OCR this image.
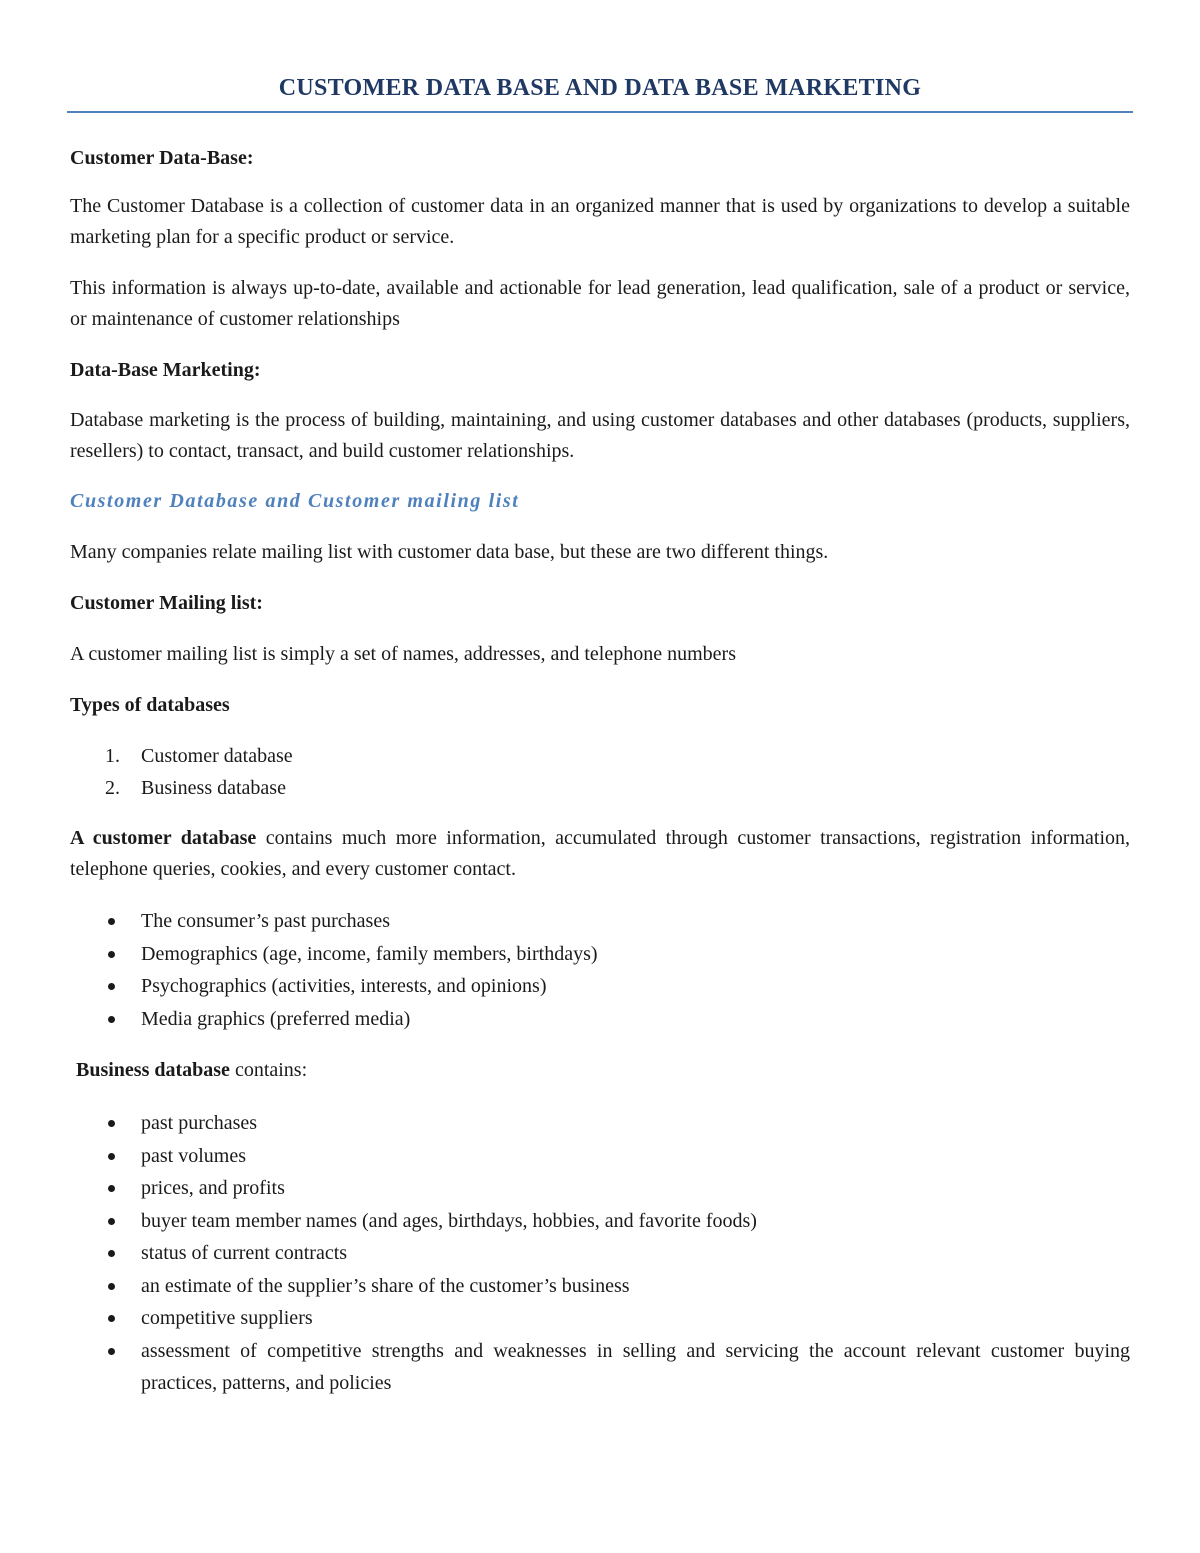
CUSTOMER DATA BASE AND DATA BASE MARKETING
Customer Data-Base:
The Customer Database is a collection of customer data in an organized manner that is used by organizations to develop a suitable marketing plan for a specific product or service.
This information is always up-to-date, available and actionable for lead generation, lead qualification, sale of a product or service, or maintenance of customer relationships
Data-Base Marketing:
Database marketing is the process of building, maintaining, and using customer databases and other databases (products, suppliers, resellers) to contact, transact, and build customer relationships.
Customer Database and Customer mailing list
Many companies relate mailing list with customer data base, but these are two different things.
Customer Mailing list:
A customer mailing list is simply a set of names, addresses, and telephone numbers
Types of databases
1. Customer database
2. Business database
A customer database contains much more information, accumulated through customer transactions, registration information, telephone queries, cookies, and every customer contact.
The consumer’s past purchases
Demographics (age, income, family members, birthdays)
Psychographics (activities, interests, and opinions)
Media graphics (preferred media)
Business database contains:
past purchases
past volumes
prices, and profits
buyer team member names (and ages, birthdays, hobbies, and favorite foods)
status of current contracts
an estimate of the supplier’s share of the customer’s business
competitive suppliers
assessment of competitive strengths and weaknesses in selling and servicing the account relevant customer buying practices, patterns, and policies
